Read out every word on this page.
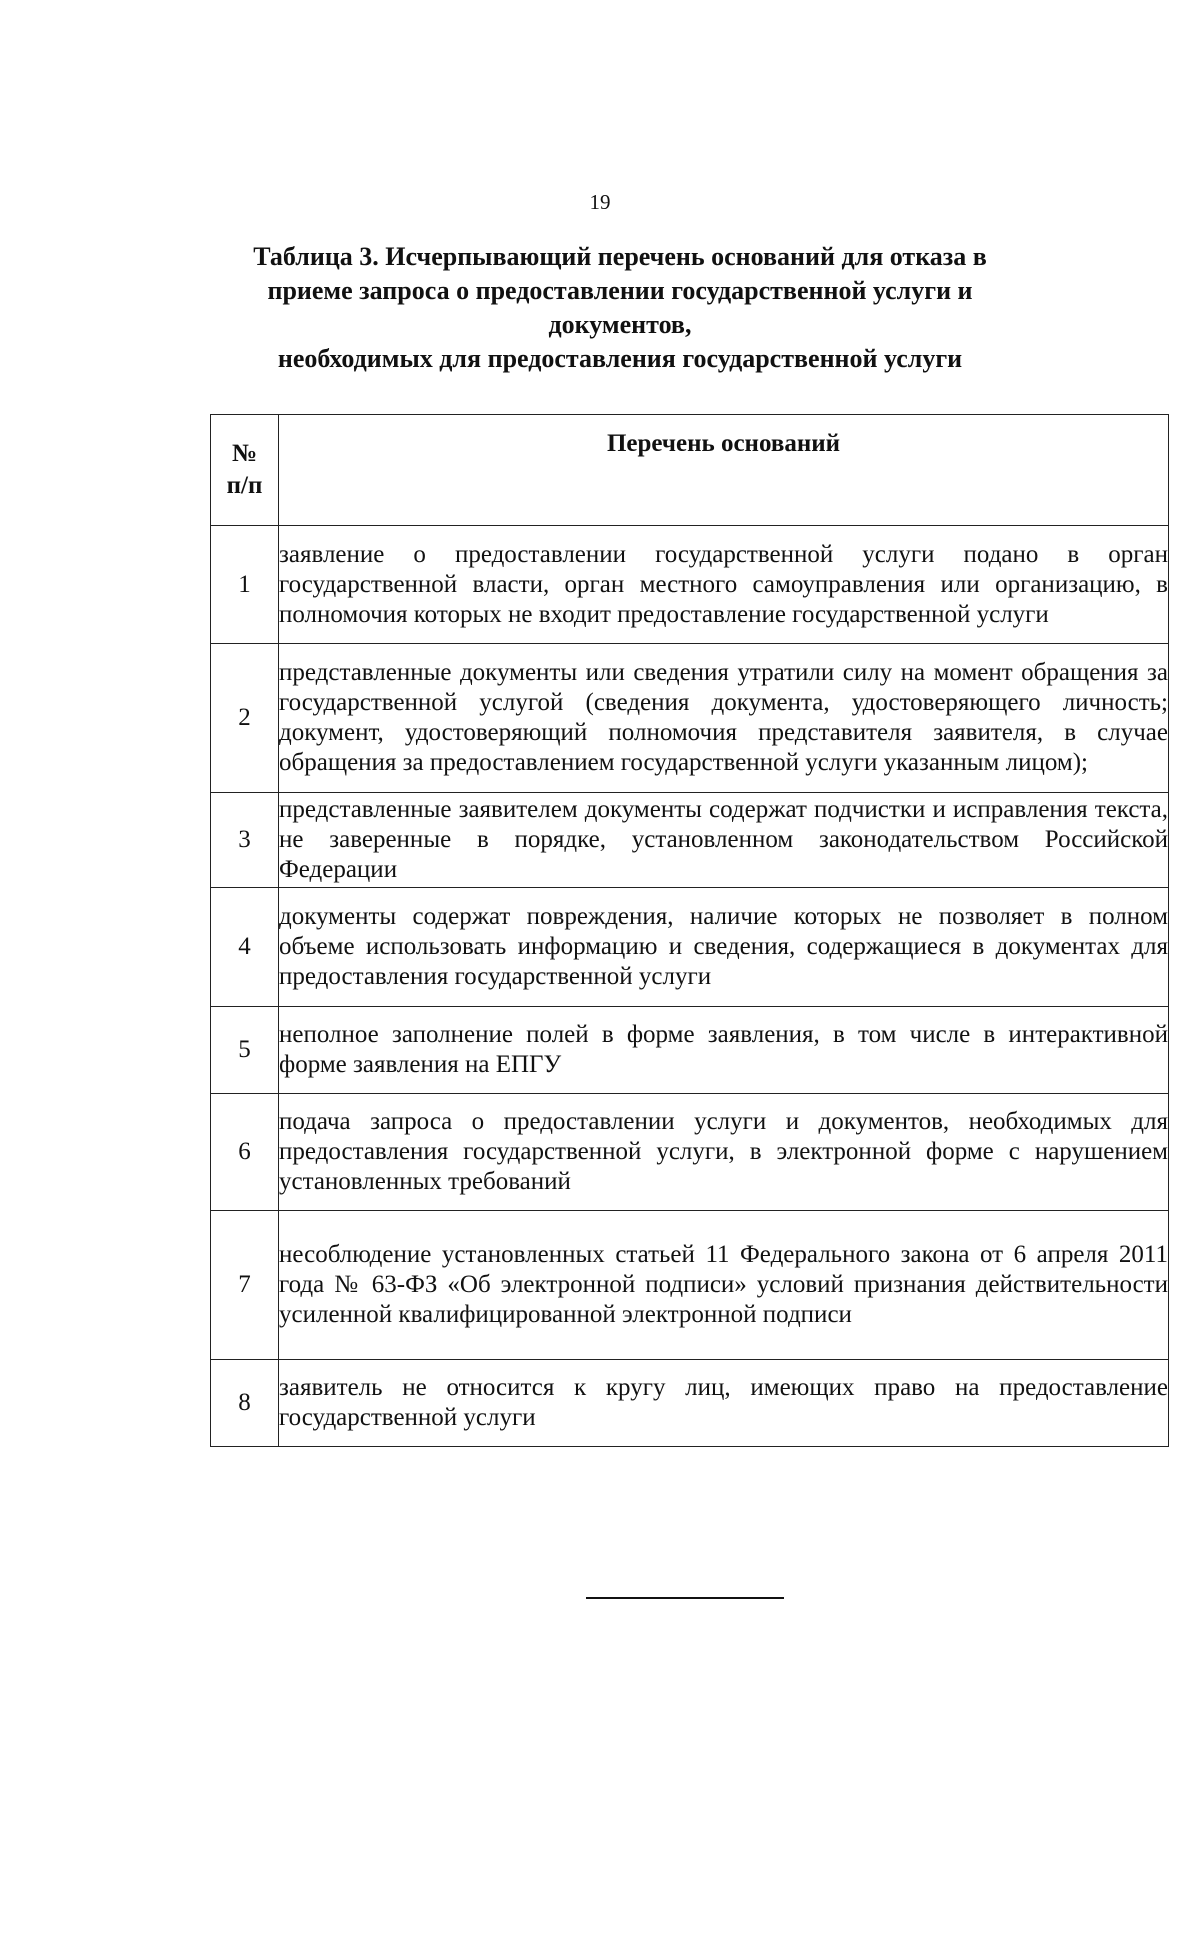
19
Таблица 3. Исчерпывающий перечень оснований для отказа в
приеме запроса о предоставлении государственной услуги и документов,
необходимых для предоставления государственной услуги
№
п/п	Перечень оснований
1	заявление о предоставлении государственной услуги подано в орган государственной власти, орган местного самоуправления или организацию, в полномочия которых не входит предоставление государственной услуги
2	представленные документы или сведения утратили силу на момент обращения за государственной услугой (сведения документа, удостоверяющего личность; документ, удостоверяющий полномочия представителя заявителя, в случае обращения за предоставлением государственной услуги указанным лицом);
3	представленные заявителем документы содержат подчистки и исправления текста, не заверенные в порядке, установленном законодательством Российской Федерации
4	документы содержат повреждения, наличие которых не позволяет в полном объеме использовать информацию и сведения, содержащиеся в документах для предоставления государственной услуги
5	неполное заполнение полей в форме заявления, в том числе в интерактивной форме заявления на ЕПГУ
6	подача запроса о предоставлении услуги и документов, необходимых для предоставления государственной услуги, в электронной форме с нарушением установленных требований
7	несоблюдение установленных статьей 11 Федерального закона от 6 апреля 2011 года № 63-ФЗ «Об электронной подписи» условий признания действительности усиленной квалифицированной электронной подписи
8	заявитель не относится к кругу лиц, имеющих право на предоставление государственной услуги
